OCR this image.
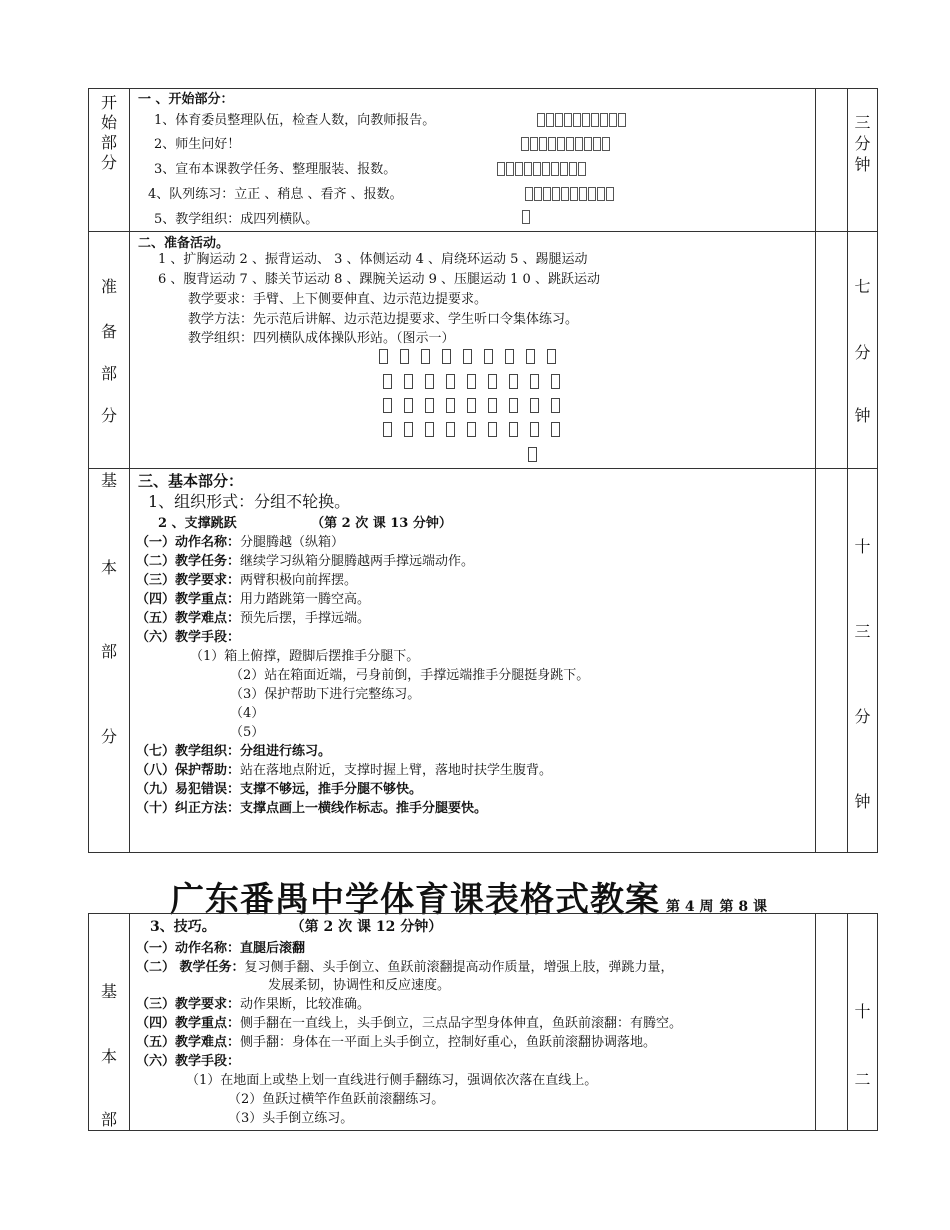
开
始
部
分
一 、开始部分：
1、体育委员整理队伍，检查人数，向教师报告。
2、师生问好！
3、宣布本课教学任务、整理服装、报数。
4、队列练习：立正 、稍息 、看齐 、报数。
5、教学组织：成四列横队。
三
分
钟
准
备
部
分
二、准备活动。
1 、扩胸运动 2 、振背运动、 3 、体侧运动 4 、肩绕环运动 5 、踢腿运动
6 、腹背运动 7 、膝关节运动 8 、踝腕关运动 9 、压腿运动 1 0 、跳跃运动
教学要求：手臂、上下侧要伸直、边示范边提要求。
教学方法：先示范后讲解、边示范边提要求、学生听口令集体练习。
教学组织：四列横队成体操队形站。（图示一）
七
分
钟
基
本
部
分
三、基本部分：
1、组织形式：分组不轮换。
2 、支撑跳跃	（第 2 次 课 13 分钟）
（一）动作名称：分腿腾越（纵箱）
（二）教学任务：继续学习纵箱分腿腾越两手撑远端动作。
（三）教学要求：两臂积极向前挥摆。
（四）教学重点：用力踏跳第一腾空高。
（五）教学难点：预先后摆，手撑远端。
（六）教学手段：
（1）箱上俯撑，蹬脚后摆推手分腿下。
（2）站在箱面近端，弓身前倒，手撑远端推手分腿挺身跳下。
（3）保护帮助下进行完整练习。
（4）
（5）
（七）教学组织：分组进行练习。
（八）保护帮助：站在落地点附近，支撑时握上臂，落地时扶学生腹背。
（九）易犯错误：支撑不够远，推手分腿不够快。
（十）纠正方法：支撑点画上一横线作标志。推手分腿要快。
十
三
分
钟
广东番禺中学体育课表格式教案 第 4 周 第 8 课
基
本
部
3、技巧。	（第 2 次 课 12 分钟）
（一）动作名称：直腿后滚翻
（二） 教学任务：复习侧手翻、头手倒立、鱼跃前滚翻提高动作质量，增强上肢，弹跳力量，
发展柔韧，协调性和反应速度。
（三）教学要求：动作果断，比较准确。
（四）教学重点：侧手翻在一直线上，头手倒立，三点品字型身体伸直，鱼跃前滚翻：有腾空。
（五）教学难点：侧手翻：身体在一平面上头手倒立，控制好重心，鱼跃前滚翻协调落地。
（六）教学手段：
（1）在地面上或垫上划一直线进行侧手翻练习，强调依次落在直线上。
（2）鱼跃过横竿作鱼跃前滚翻练习。
（3）头手倒立练习。
十
二
